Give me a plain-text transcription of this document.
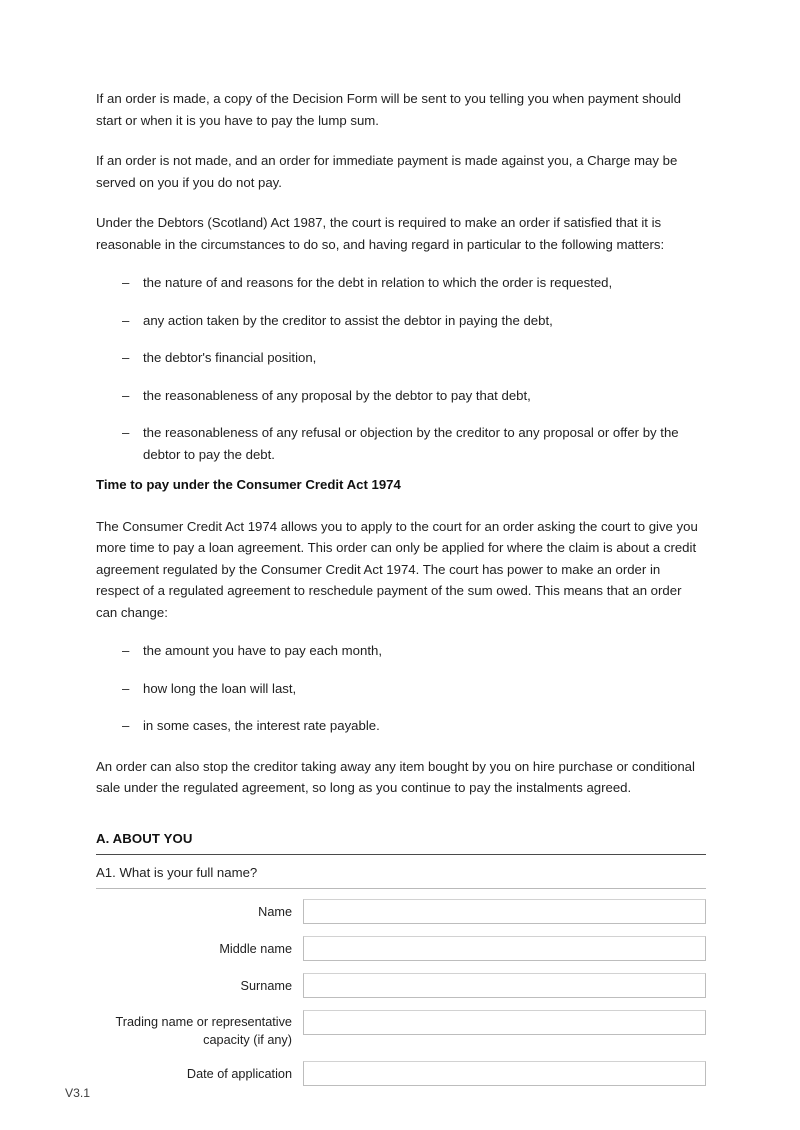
If an order is made, a copy of the Decision Form will be sent to you telling you when payment should start or when it is you have to pay the lump sum.

If an order is not made, and an order for immediate payment is made against you, a Charge may be served on you if you do not pay.

Under the Debtors (Scotland) Act 1987, the court is required to make an order if satisfied that it is reasonable in the circumstances to do so, and having regard in particular to the following matters:

– the nature of and reasons for the debt in relation to which the order is requested,
– any action taken by the creditor to assist the debtor in paying the debt,
– the debtor's financial position,
– the reasonableness of any proposal by the debtor to pay that debt,
– the reasonableness of any refusal or objection by the creditor to any proposal or offer by the debtor to pay the debt.
Time to pay under the Consumer Credit Act 1974

The Consumer Credit Act 1974 allows you to apply to the court for an order asking the court to give you more time to pay a loan agreement. This order can only be applied for where the claim is about a credit agreement regulated by the Consumer Credit Act 1974. The court has power to make an order in respect of a regulated agreement to reschedule payment of the sum owed. This means that an order can change:

– the amount you have to pay each month,
– how long the loan will last,
– in some cases, the interest rate payable.

An order can also stop the creditor taking away any item bought by you on hire purchase or conditional sale under the regulated agreement, so long as you continue to pay the instalments agreed.

A. ABOUT YOU
A1. What is your full name?
Name
Middle name
Surname
Trading name or representative capacity (if any)
Date of application
V3.1
